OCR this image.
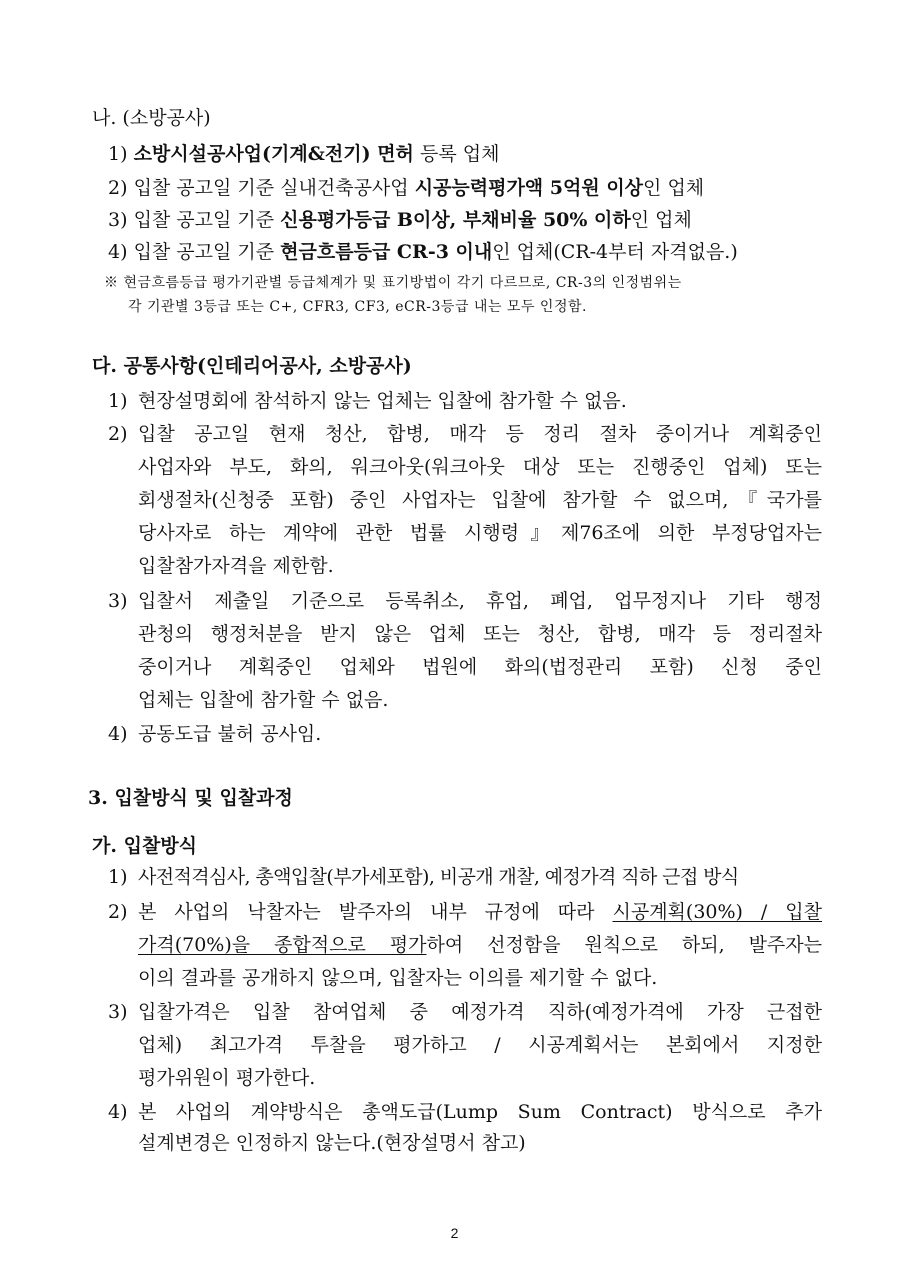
나. (소방공사)
1) 소방시설공사업(기계&전기) 면허 등록 업체
2) 입찰 공고일 기준 실내건축공사업 시공능력평가액 5억원 이상인 업체
3) 입찰 공고일 기준 신용평가등급 B이상, 부채비율 50% 이하인 업체
4) 입찰 공고일 기준 현금흐름등급 CR-3 이내인 업체(CR-4부터 자격없음.)
※ 현금흐름등급 평가기관별 등급체계가 및 표기방법이 각기 다르므로, CR-3의 인정범위는
각 기관별 3등급 또는 C+, CFR3, CF3, eCR-3등급 내는 모두 인정함.
다. 공통사항(인테리어공사, 소방공사)
1) 현장설명회에 참석하지 않는 업체는 입찰에 참가할 수 없음.
2) 입찰 공고일 현재 청산, 합병, 매각 등 정리 절차 중이거나 계획중인
사업자와 부도, 화의, 워크아웃(워크아웃 대상 또는 진행중인 업체) 또는
회생절차(신청중 포함) 중인 사업자는 입찰에 참가할 수 없으며,『국가를
당사자로 하는 계약에 관한 법률 시행령』제76조에 의한 부정당업자는
입찰참가자격을 제한함.
3) 입찰서 제출일 기준으로 등록취소, 휴업, 폐업, 업무정지나 기타 행정
관청의 행정처분을 받지 않은 업체 또는 청산, 합병, 매각 등 정리절차
중이거나 계획중인 업체와 법원에 화의(법정관리 포함) 신청 중인
업체는 입찰에 참가할 수 없음.
4) 공동도급 불허 공사임.
3. 입찰방식 및 입찰과정
가. 입찰방식
1) 사전적격심사, 총액입찰(부가세포함), 비공개 개찰, 예정가격 직하 근접 방식
2) 본 사업의 낙찰자는 발주자의 내부 규정에 따라 시공계획(30%) / 입찰
가격(70%)을 종합적으로 평가하여 선정함을 원칙으로 하되, 발주자는
이의 결과를 공개하지 않으며, 입찰자는 이의를 제기할 수 없다.
3) 입찰가격은 입찰 참여업체 중 예정가격 직하(예정가격에 가장 근접한
업체) 최고가격 투찰을 평가하고 / 시공계획서는 본회에서 지정한
평가위원이 평가한다.
4) 본 사업의 계약방식은 총액도급(Lump Sum Contract) 방식으로 추가
설계변경은 인정하지 않는다.(현장설명서 참고)
2
